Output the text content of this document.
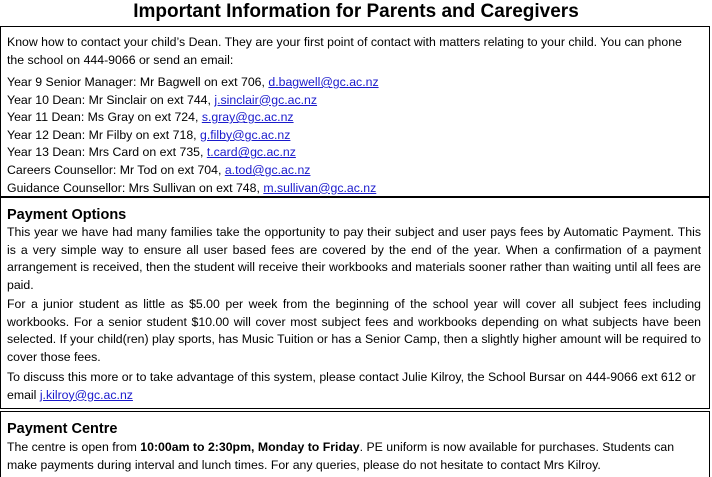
Important Information for Parents and Caregivers
Know how to contact your child’s Dean. They are your first point of contact with matters relating to your child. You can phone the school on 444-9066 or send an email:
Year 9 Senior Manager: Mr Bagwell on ext 706, d.bagwell@gc.ac.nz
Year 10 Dean: Mr Sinclair on ext 744, j.sinclair@gc.ac.nz
Year 11 Dean: Ms Gray on ext 724, s.gray@gc.ac.nz
Year 12 Dean: Mr Filby on ext 718, g.filby@gc.ac.nz
Year 13 Dean: Mrs Card on ext 735, t.card@gc.ac.nz
Careers Counsellor: Mr Tod on ext 704, a.tod@gc.ac.nz
Guidance Counsellor: Mrs Sullivan on ext 748, m.sullivan@gc.ac.nz
Payment Options
This year we have had many families take the opportunity to pay their subject and user pays fees by Automatic Payment. This is a very simple way to ensure all user based fees are covered by the end of the year. When a confirmation of a payment arrangement is received, then the student will receive their workbooks and materials sooner rather than waiting until all fees are paid.
For a junior student as little as $5.00 per week from the beginning of the school year will cover all subject fees including workbooks. For a senior student $10.00 will cover most subject fees and workbooks depending on what subjects have been selected. If your child(ren) play sports, has Music Tuition or has a Senior Camp, then a slightly higher amount will be required to cover those fees.
To discuss this more or to take advantage of this system, please contact Julie Kilroy, the School Bursar on 444-9066 ext 612 or email j.kilroy@gc.ac.nz
Payment Centre
The centre is open from 10:00am to 2:30pm, Monday to Friday. PE uniform is now available for purchases. Students can make payments during interval and lunch times. For any queries, please do not hesitate to contact Mrs Kilroy.
